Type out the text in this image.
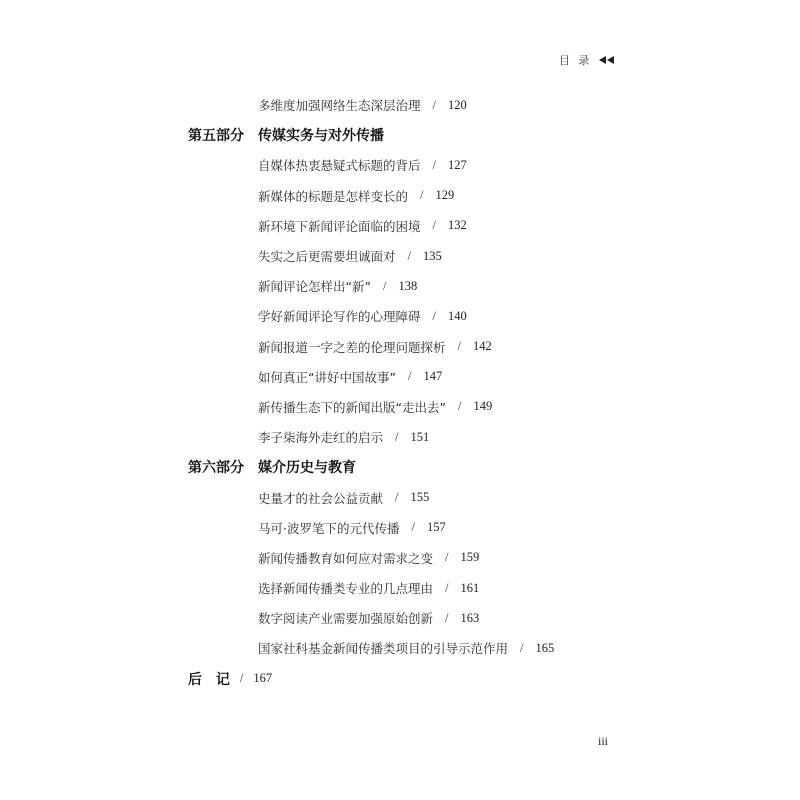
目 录
多维度加强网络生态深层治理 / 120
第五部分	传媒实务与对外传播
自媒体热衷悬疑式标题的背后 / 127
新媒体的标题是怎样变长的 / 129
新环境下新闻评论面临的困境 / 132
失实之后更需要坦诚面对 / 135
新闻评论怎样出“新” / 138
学好新闻评论写作的心理障碍 / 140
新闻报道一字之差的伦理问题探析 / 142
如何真正“讲好中国故事” / 147
新传播生态下的新闻出版“走出去” / 149
李子柒海外走红的启示 / 151
第六部分	媒介历史与教育
史量才的社会公益贡献 / 155
马可·波罗笔下的元代传播 / 157
新闻传播教育如何应对需求之变 / 159
选择新闻传播类专业的几点理由 / 161
数字阅读产业需要加强原始创新 / 163
国家社科基金新闻传播类项目的引导示范作用 / 165
后 记 / 167
iii
